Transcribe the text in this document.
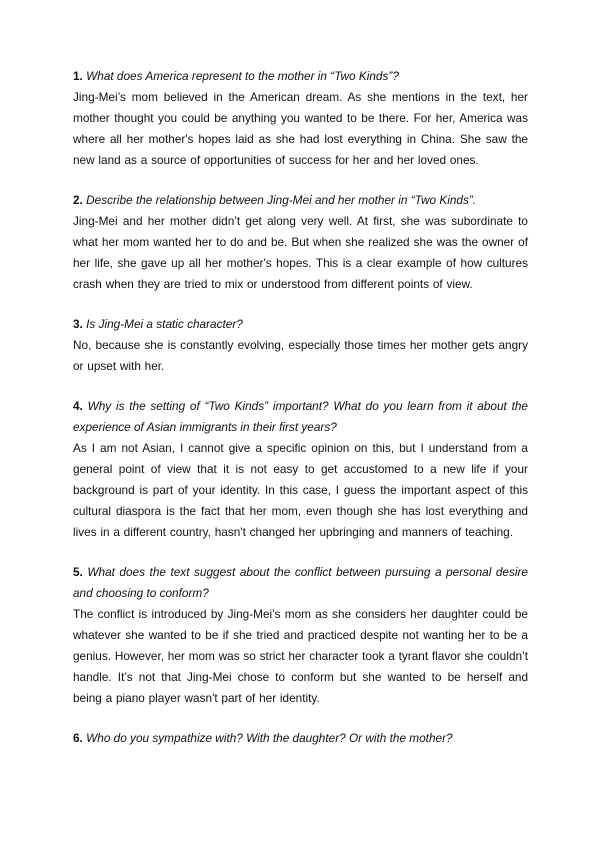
1. What does America represent to the mother in “Two Kinds”?

Jing-Mei’s mom believed in the American dream. As she mentions in the text, her mother thought you could be anything you wanted to be there. For her, America was where all her mother's hopes laid as she had lost everything in China. She saw the new land as a source of opportunities of success for her and her loved ones.

2. Describe the relationship between Jing-Mei and her mother in “Two Kinds”.

Jing-Mei and her mother didn’t get along very well. At first, she was subordinate to what her mom wanted her to do and be. But when she realized she was the owner of her life, she gave up all her mother's hopes. This is a clear example of how cultures crash when they are tried to mix or understood from different points of view.

3. Is Jing-Mei a static character?

No, because she is constantly evolving, especially those times her mother gets angry or upset with her.

4. Why is the setting of “Two Kinds” important? What do you learn from it about the experience of Asian immigrants in their first years?

As I am not Asian, I cannot give a specific opinion on this, but I understand from a general point of view that it is not easy to get accustomed to a new life if your background is part of your identity. In this case, I guess the important aspect of this cultural diaspora is the fact that her mom, even though she has lost everything and lives in a different country, hasn't changed her upbringing and manners of teaching.

5. What does the text suggest about the conflict between pursuing a personal desire and choosing to conform?

The conflict is introduced by Jing-Mei’s mom as she considers her daughter could be whatever she wanted to be if she tried and practiced despite not wanting her to be a genius. However, her mom was so strict her character took a tyrant flavor she couldn’t handle. It’s not that Jing-Mei chose to conform but she wanted to be herself and being a piano player wasn't part of her identity.

6. Who do you sympathize with? With the daughter? Or with the mother?
